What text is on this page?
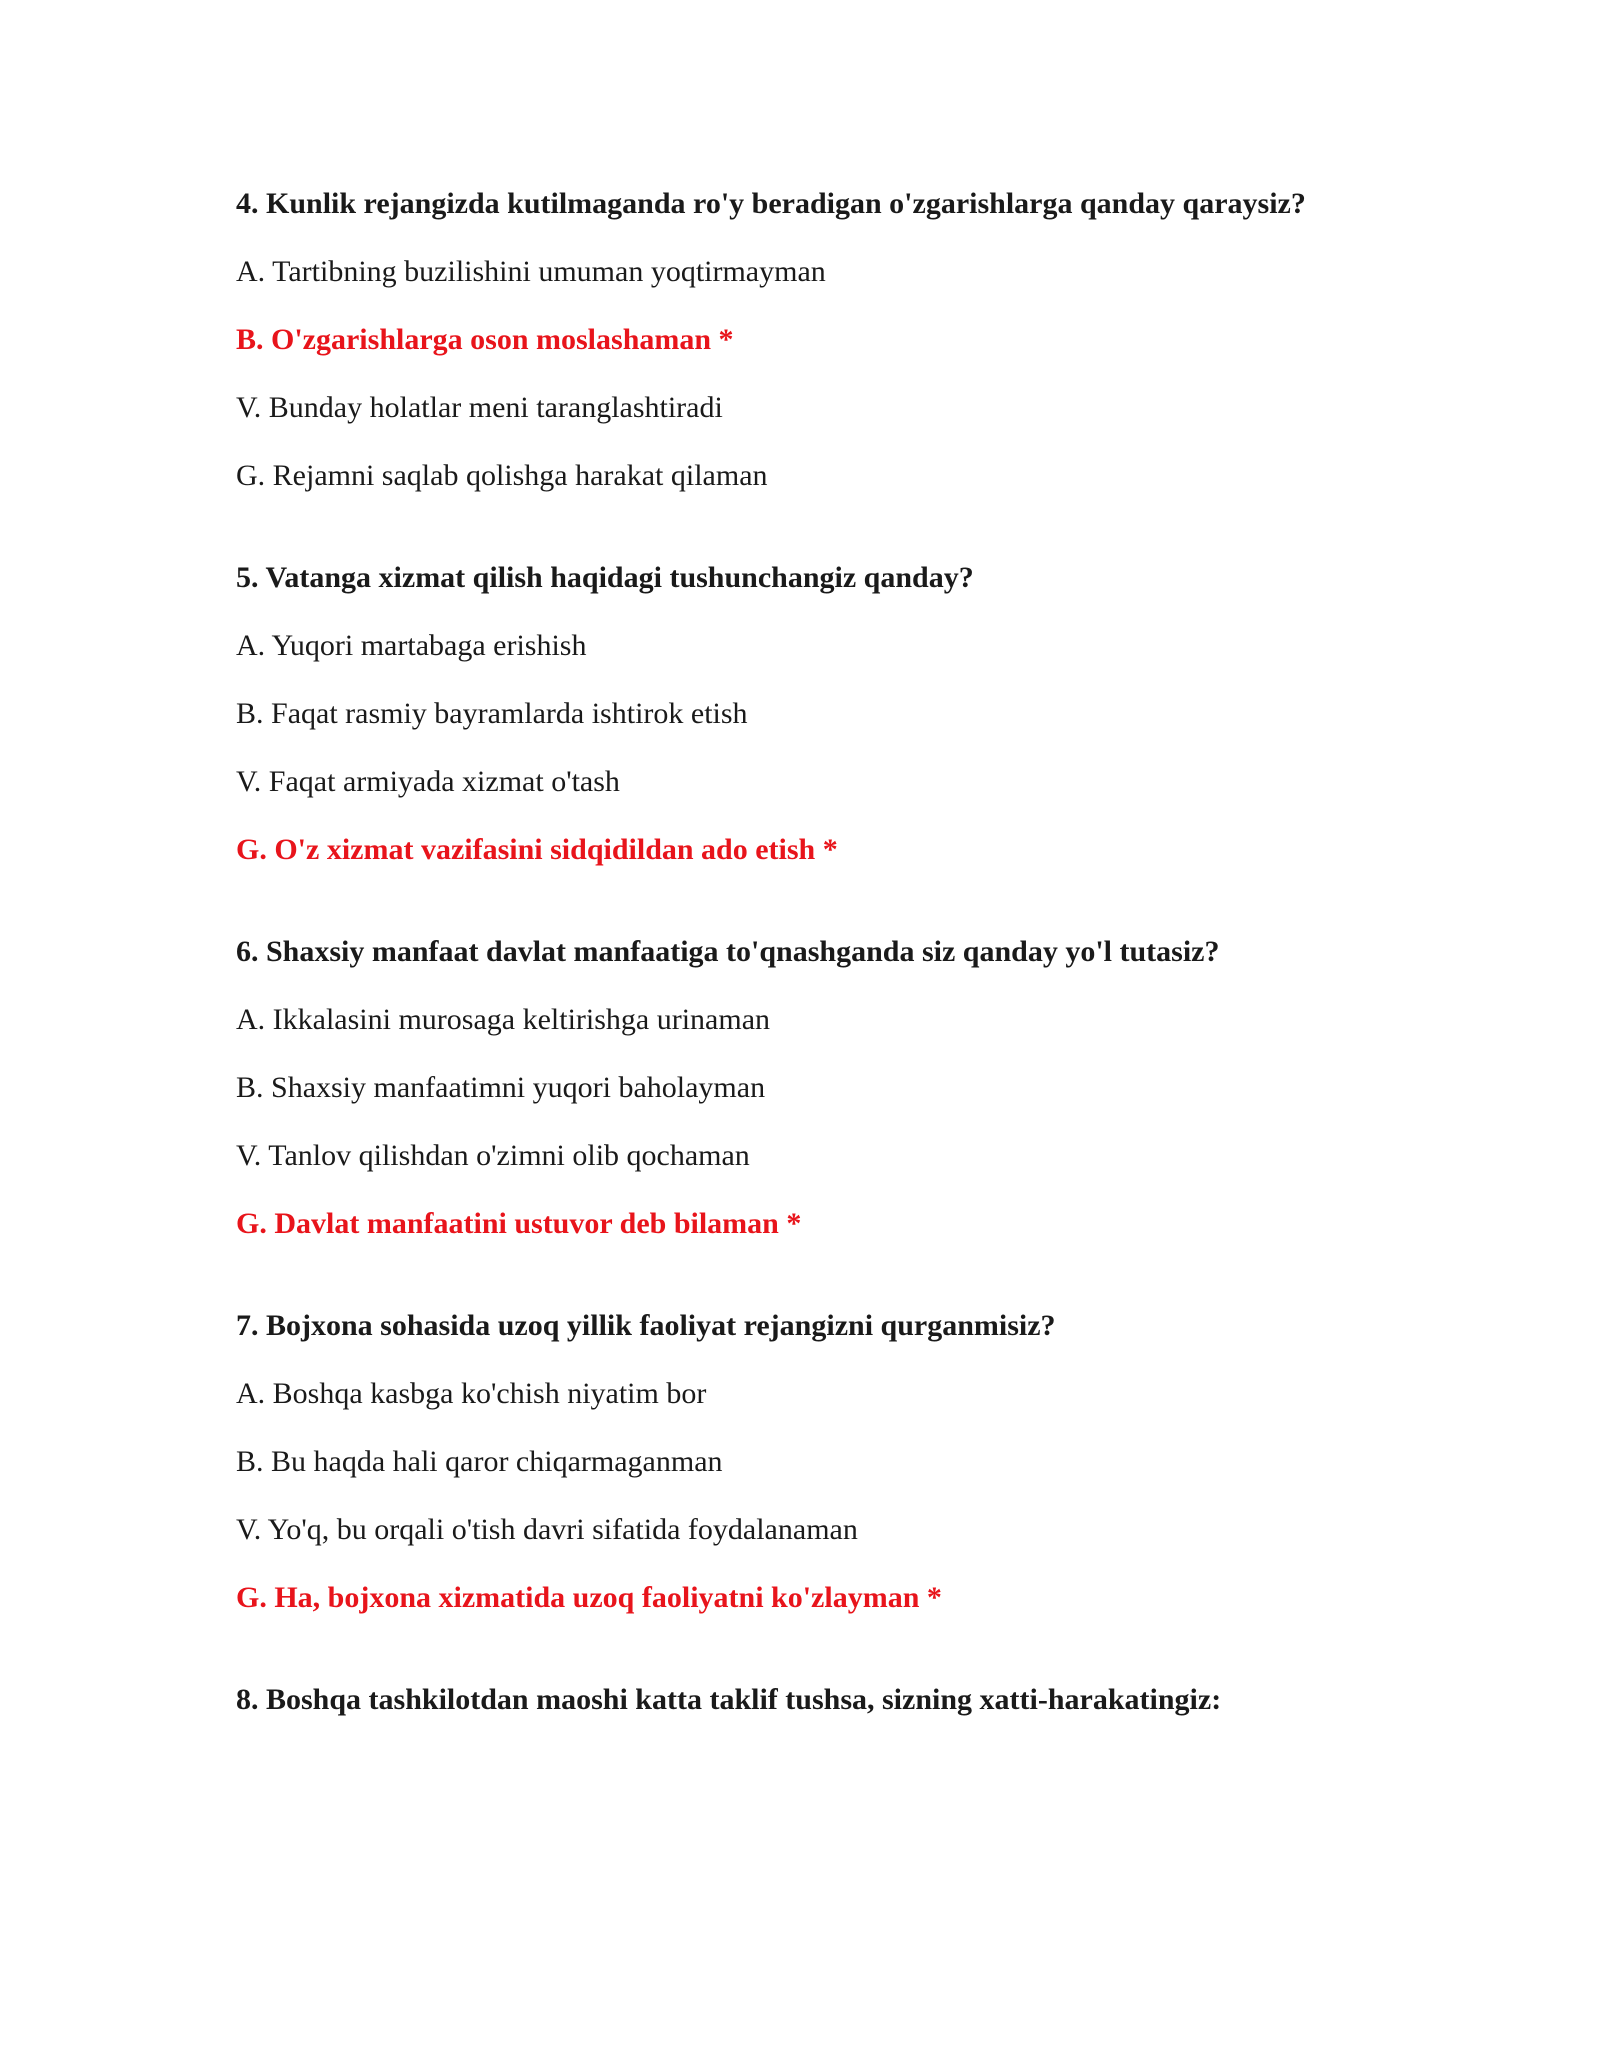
4. Kunlik rejangizda kutilmaganda ro'y beradigan o'zgarishlarga qanday qaraysiz?
A. Tartibning buzilishini umuman yoqtirmayman
B. O'zgarishlarga oson moslashaman *
V. Bunday holatlar meni taranglashtiradi
G. Rejamni saqlab qolishga harakat qilaman
5. Vatanga xizmat qilish haqidagi tushunchangiz qanday?
A. Yuqori martabaga erishish
B. Faqat rasmiy bayramlarda ishtirok etish
V. Faqat armiyada xizmat o'tash
G. O'z xizmat vazifasini sidqidildan ado etish *
6. Shaxsiy manfaat davlat manfaatiga to'qnashganda siz qanday yo'l tutasiz?
A. Ikkalasini murosaga keltirishga urinaman
B. Shaxsiy manfaatimni yuqori baholayman
V. Tanlov qilishdan o'zimni olib qochaman
G. Davlat manfaatini ustuvor deb bilaman *
7. Bojxona sohasida uzoq yillik faoliyat rejangizni qurganmisiz?
A. Boshqa kasbga ko'chish niyatim bor
B. Bu haqda hali qaror chiqarmaganman
V. Yo'q, bu orqali o'tish davri sifatida foydalanaman
G. Ha, bojxona xizmatida uzoq faoliyatni ko'zlayman *
8. Boshqa tashkilotdan maoshi katta taklif tushsa, sizning xatti-harakatingiz:
